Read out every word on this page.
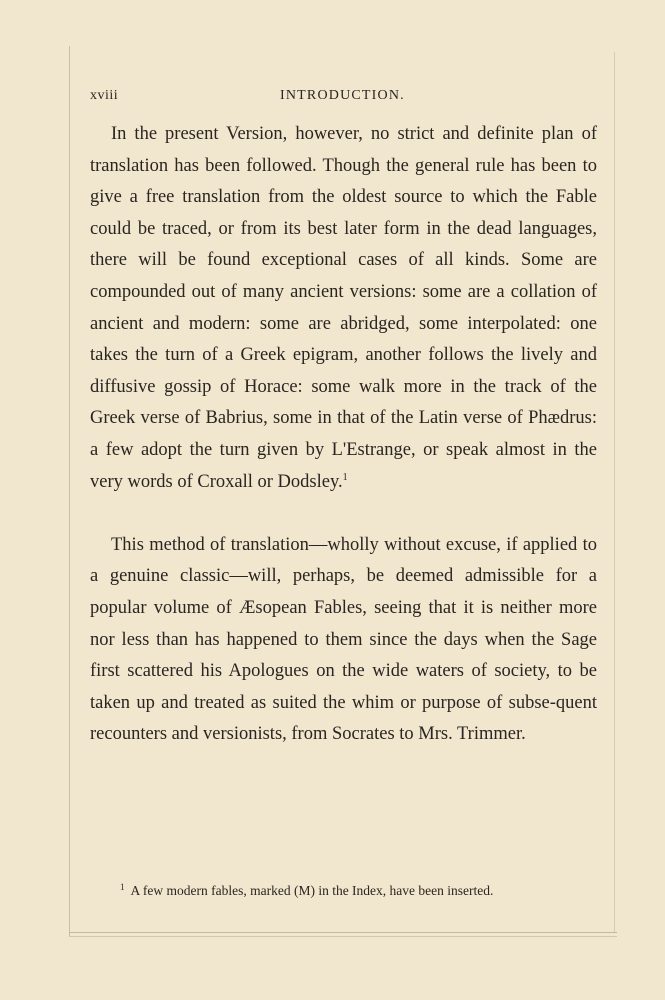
xviii	INTRODUCTION.

In the present Version, however, no strict and definite plan of translation has been followed. Though the general rule has been to give a free translation from the oldest source to which the Fable could be traced, or from its best later form in the dead languages, there will be found exceptional cases of all kinds. Some are compounded out of many ancient versions: some are a collation of ancient and modern: some are abridged, some interpolated: one takes the turn of a Greek epigram, another follows the lively and diffusive gossip of Horace: some walk more in the track of the Greek verse of Babrius, some in that of the Latin verse of Phædrus: a few adopt the turn given by L'Estrange, or speak almost in the very words of Croxall or Dodsley.$^1$

This method of translation—wholly without excuse, if applied to a genuine classic—will, perhaps, be deemed admissible for a popular volume of Æsopean Fables, seeing that it is neither more nor less than has happened to them since the days when the Sage first scattered his Apologues on the wide waters of society, to be taken up and treated as suited the whim or purpose of subse-quent recounters and versionists, from Socrates to Mrs. Trimmer.

$^1$ A few modern fables, marked (M) in the Index, have been inserted.
